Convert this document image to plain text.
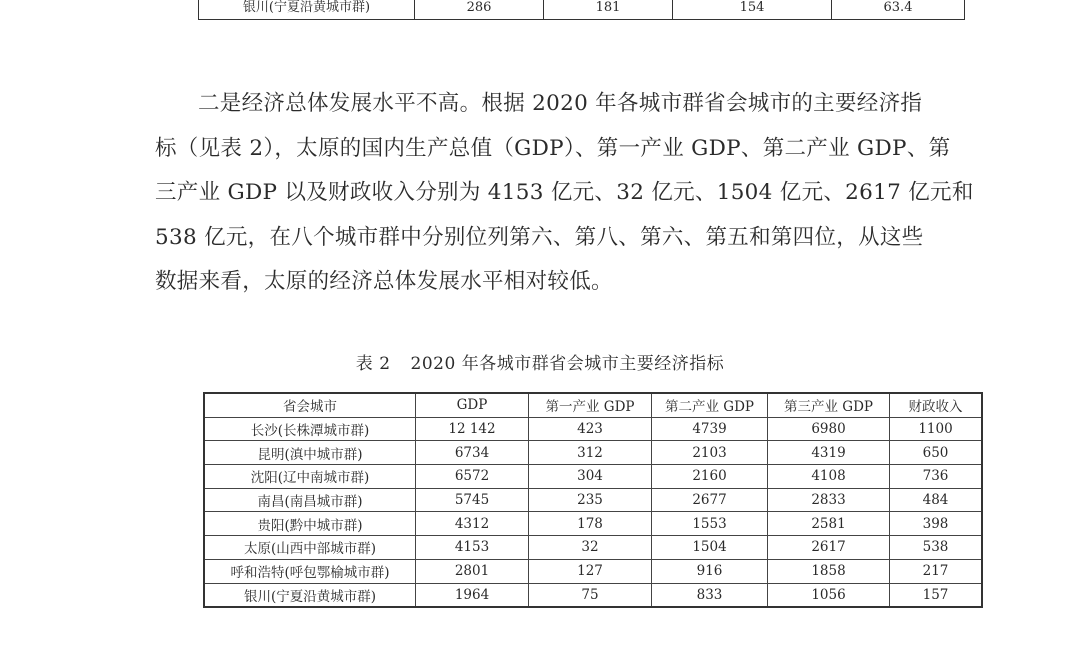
银川(宁夏沿黄城市群)	286	181	154	63.4
二是经济总体发展水平不高。根据 2020 年各城市群省会城市的主要经济指
标（见表 2），太原的国内生产总值（GDP）、第一产业 GDP、第二产业 GDP、第
三产业 GDP 以及财政收入分别为 4153 亿元、32 亿元、1504 亿元、2617 亿元和
538 亿元，在八个城市群中分别位列第六、第八、第六、第五和第四位，从这些
数据来看，太原的经济总体发展水平相对较低。
表 2 2020 年各城市群省会城市主要经济指标
省会城市	GDP	第一产业 GDP	第二产业 GDP	第三产业 GDP	财政收入
长沙(长株潭城市群)	12 142	423	4739	6980	1100
昆明(滇中城市群)	6734	312	2103	4319	650
沈阳(辽中南城市群)	6572	304	2160	4108	736
南昌(南昌城市群)	5745	235	2677	2833	484
贵阳(黔中城市群)	4312	178	1553	2581	398
太原(山西中部城市群)	4153	32	1504	2617	538
呼和浩特(呼包鄂榆城市群)	2801	127	916	1858	217
银川(宁夏沿黄城市群)	1964	75	833	1056	157
